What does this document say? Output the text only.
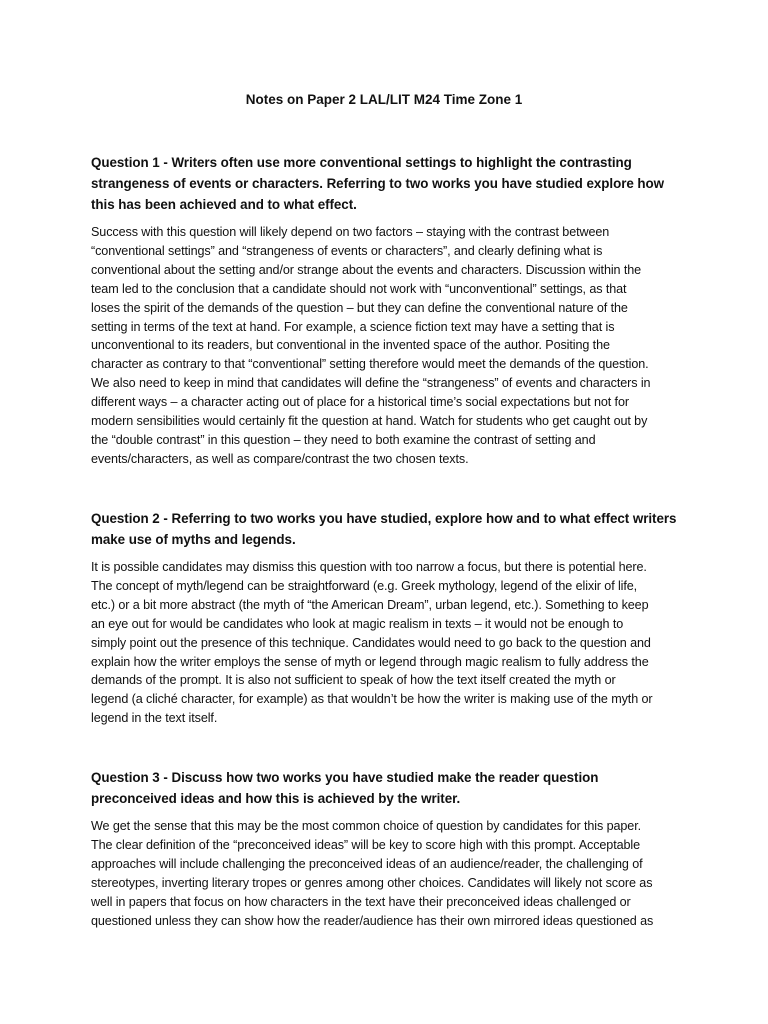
Notes on Paper 2 LAL/LIT M24 Time Zone 1

Question 1 - Writers often use more conventional settings to highlight the contrasting
strangeness of events or characters. Referring to two works you have studied explore how
this has been achieved and to what effect.

Success with this question will likely depend on two factors – staying with the contrast between
“conventional settings” and “strangeness of events or characters”, and clearly defining what is
conventional about the setting and/or strange about the events and characters. Discussion within the
team led to the conclusion that a candidate should not work with “unconventional” settings, as that
loses the spirit of the demands of the question – but they can define the conventional nature of the
setting in terms of the text at hand. For example, a science fiction text may have a setting that is
unconventional to its readers, but conventional in the invented space of the author. Positing the
character as contrary to that “conventional” setting therefore would meet the demands of the question.
We also need to keep in mind that candidates will define the “strangeness” of events and characters in
different ways – a character acting out of place for a historical time’s social expectations but not for
modern sensibilities would certainly fit the question at hand. Watch for students who get caught out by
the “double contrast” in this question – they need to both examine the contrast of setting and
events/characters, as well as compare/contrast the two chosen texts.

Question 2 - Referring to two works you have studied, explore how and to what effect writers
make use of myths and legends.

It is possible candidates may dismiss this question with too narrow a focus, but there is potential here.
The concept of myth/legend can be straightforward (e.g. Greek mythology, legend of the elixir of life,
etc.) or a bit more abstract (the myth of “the American Dream”, urban legend, etc.). Something to keep
an eye out for would be candidates who look at magic realism in texts – it would not be enough to
simply point out the presence of this technique. Candidates would need to go back to the question and
explain how the writer employs the sense of myth or legend through magic realism to fully address the
demands of the prompt. It is also not sufficient to speak of how the text itself created the myth or
legend (a cliché character, for example) as that wouldn’t be how the writer is making use of the myth or
legend in the text itself.

Question 3 - Discuss how two works you have studied make the reader question
preconceived ideas and how this is achieved by the writer.

We get the sense that this may be the most common choice of question by candidates for this paper.
The clear definition of the “preconceived ideas” will be key to score high with this prompt. Acceptable
approaches will include challenging the preconceived ideas of an audience/reader, the challenging of
stereotypes, inverting literary tropes or genres among other choices. Candidates will likely not score as
well in papers that focus on how characters in the text have their preconceived ideas challenged or
questioned unless they can show how the reader/audience has their own mirrored ideas questioned as
